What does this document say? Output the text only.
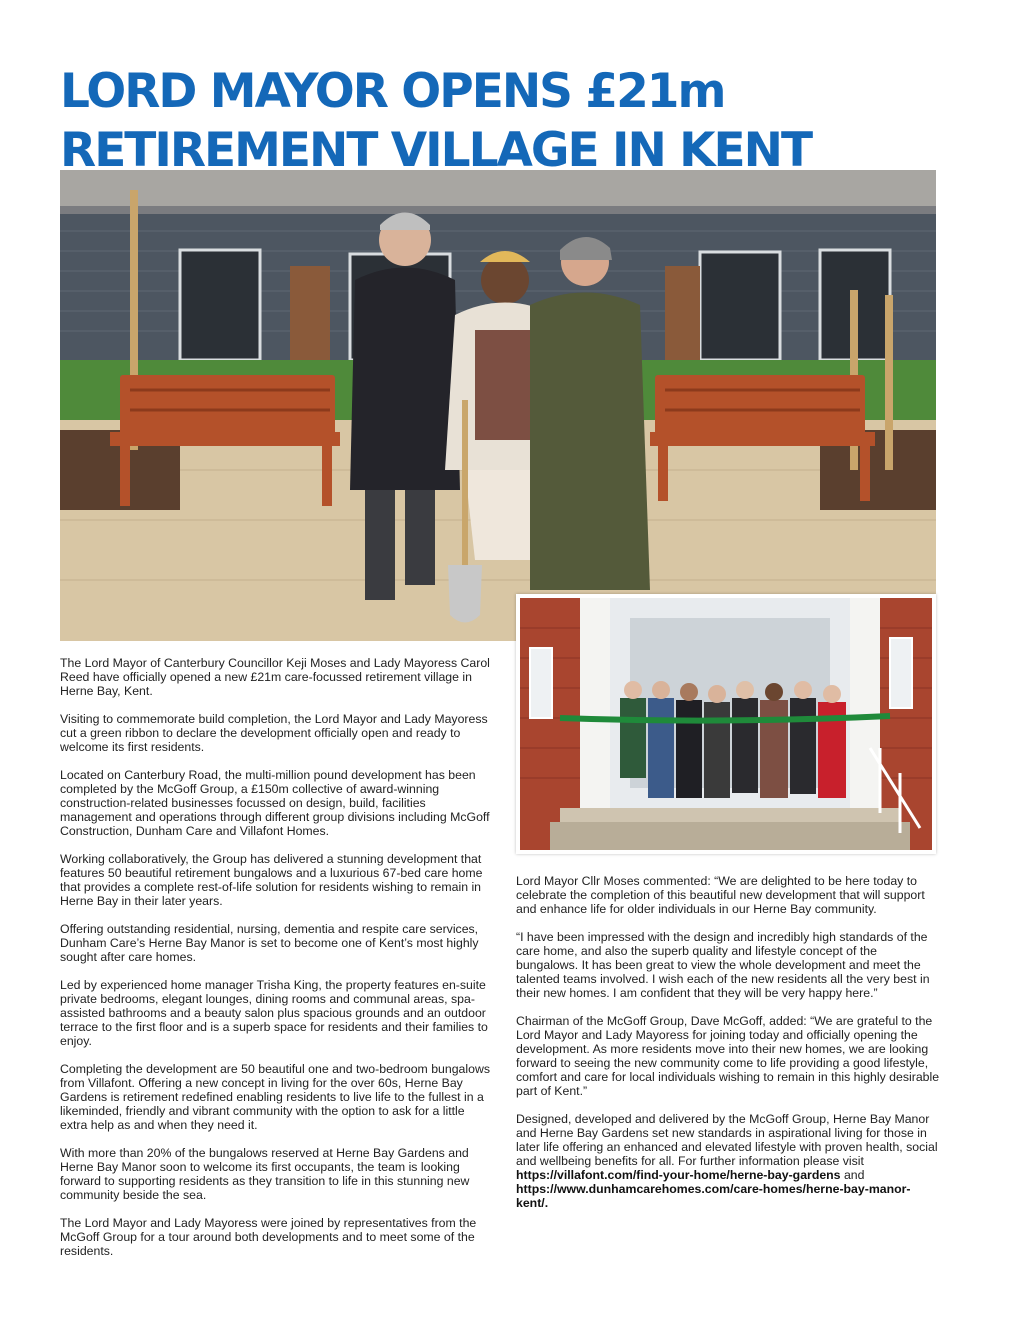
LORD MAYOR OPENS £21m
RETIREMENT VILLAGE IN KENT

The Lord Mayor of Canterbury Councillor Keji Moses and Lady Mayoress Carol Reed have officially opened a new £21m care-focussed retirement village in Herne Bay, Kent.

Visiting to commemorate build completion, the Lord Mayor and Lady Mayoress cut a green ribbon to declare the development officially open and ready to welcome its first residents.

Located on Canterbury Road, the multi-million pound development has been completed by the McGoff Group, a £150m collective of award-winning construction-related businesses focussed on design, build, facilities management and operations through different group divisions including McGoff Construction, Dunham Care and Villafont Homes.

Working collaboratively, the Group has delivered a stunning development that features 50 beautiful retirement bungalows and a luxurious 67-bed care home that provides a complete rest-of-life solution for residents wishing to remain in Herne Bay in their later years.

Offering outstanding residential, nursing, dementia and respite care services, Dunham Care’s Herne Bay Manor is set to become one of Kent’s most highly sought after care homes.

Led by experienced home manager Trisha King, the property features en-suite private bedrooms, elegant lounges, dining rooms and communal areas, spa-assisted bathrooms and a beauty salon plus spacious grounds and an outdoor terrace to the first floor and is a superb space for residents and their families to enjoy.

Completing the development are 50 beautiful one and two-bedroom bungalows from Villafont. Offering a new concept in living for the over 60s, Herne Bay Gardens is retirement redefined enabling residents to live life to the fullest in a likeminded, friendly and vibrant community with the option to ask for a little extra help as and when they need it.

With more than 20% of the bungalows reserved at Herne Bay Gardens and Herne Bay Manor soon to welcome its first occupants, the team is looking forward to supporting residents as they transition to life in this stunning new community beside the sea.

The Lord Mayor and Lady Mayoress were joined by representatives from the McGoff Group for a tour around both developments and to meet some of the residents.

Lord Mayor Cllr Moses commented: “We are delighted to be here today to celebrate the completion of this beautiful new development that will support and enhance life for older individuals in our Herne Bay community.

“I have been impressed with the design and incredibly high standards of the care home, and also the superb quality and lifestyle concept of the bungalows. It has been great to view the whole development and meet the talented teams involved. I wish each of the new residents all the very best in their new homes. I am confident that they will be very happy here.”

Chairman of the McGoff Group, Dave McGoff, added: “We are grateful to the Lord Mayor and Lady Mayoress for joining today and officially opening the development. As more residents move into their new homes, we are looking forward to seeing the new community come to life providing a good lifestyle, comfort and care for local individuals wishing to remain in this highly desirable part of Kent.”

Designed, developed and delivered by the McGoff Group, Herne Bay Manor and Herne Bay Gardens set new standards in aspirational living for those in later life offering an enhanced and elevated lifestyle with proven health, social and wellbeing benefits for all. For further information please visit
https://villafont.com/find-your-home/herne-bay-gardens and https://www.dunhamcarehomes.com/care-homes/herne-bay-manor-kent/.
